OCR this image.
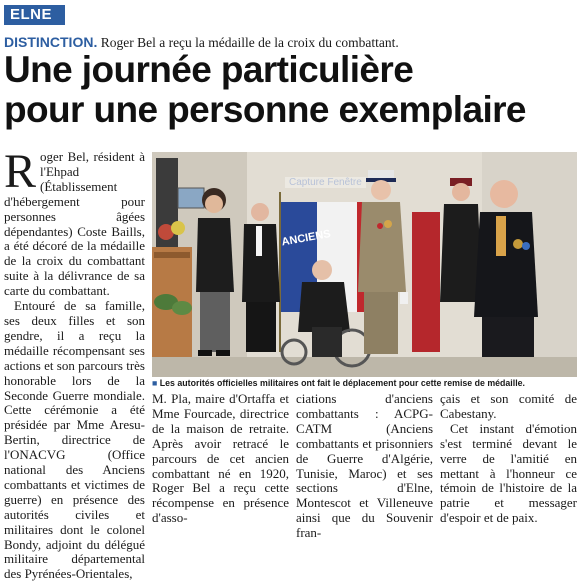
ELNE
DISTINCTION. Roger Bel a reçu la médaille de la croix du combattant.
Une journée particulière
pour une personne exemplaire

Roger Bel, résident à l'Ehpad (Établissement d'hébergement pour personnes âgées dépendantes) Coste Baills, a été décoré de la médaille de la croix du combattant suite à la délivrance de sa carte du combattant.

Entouré de sa famille, ses deux filles et son gendre, il a reçu la médaille récompensant ses actions et son parcours très honorable lors de la Seconde Guerre mondiale. Cette cérémonie a été présidée par Mme Aresu- Bertin, directrice de l'ONACVG (Office national des Anciens combattants et victimes de guerre) en présence des autorités civiles et militaires dont le colonel Bondy, adjoint du délégué militaire départemental des Pyrénées-Orientales,

ANCIENS
Capture Fenêtre
■ Les autorités officielles militaires ont fait le déplacement pour cette remise de médaille.

M. Pla, maire d'Ortaffa et Mme Fourcade, directrice de la maison de retraite. Après avoir retracé le parcours de cet ancien combattant né en 1920, Roger Bel a reçu cette récompense en présence d'asso-

ciations d'anciens combattants : ACPG-CATM (Anciens combattants et prisonniers de Guerre d'Algérie, Tunisie, Maroc) et ses sections d'Elne, Montescot et Villeneuve ainsi que du Souvenir fran-

çais et son comité de Cabestany.

Cet instant d'émotion s'est terminé devant le verre de l'amitié en mettant à l'honneur ce témoin de l'histoire de la patrie et messager d'espoir et de paix.
